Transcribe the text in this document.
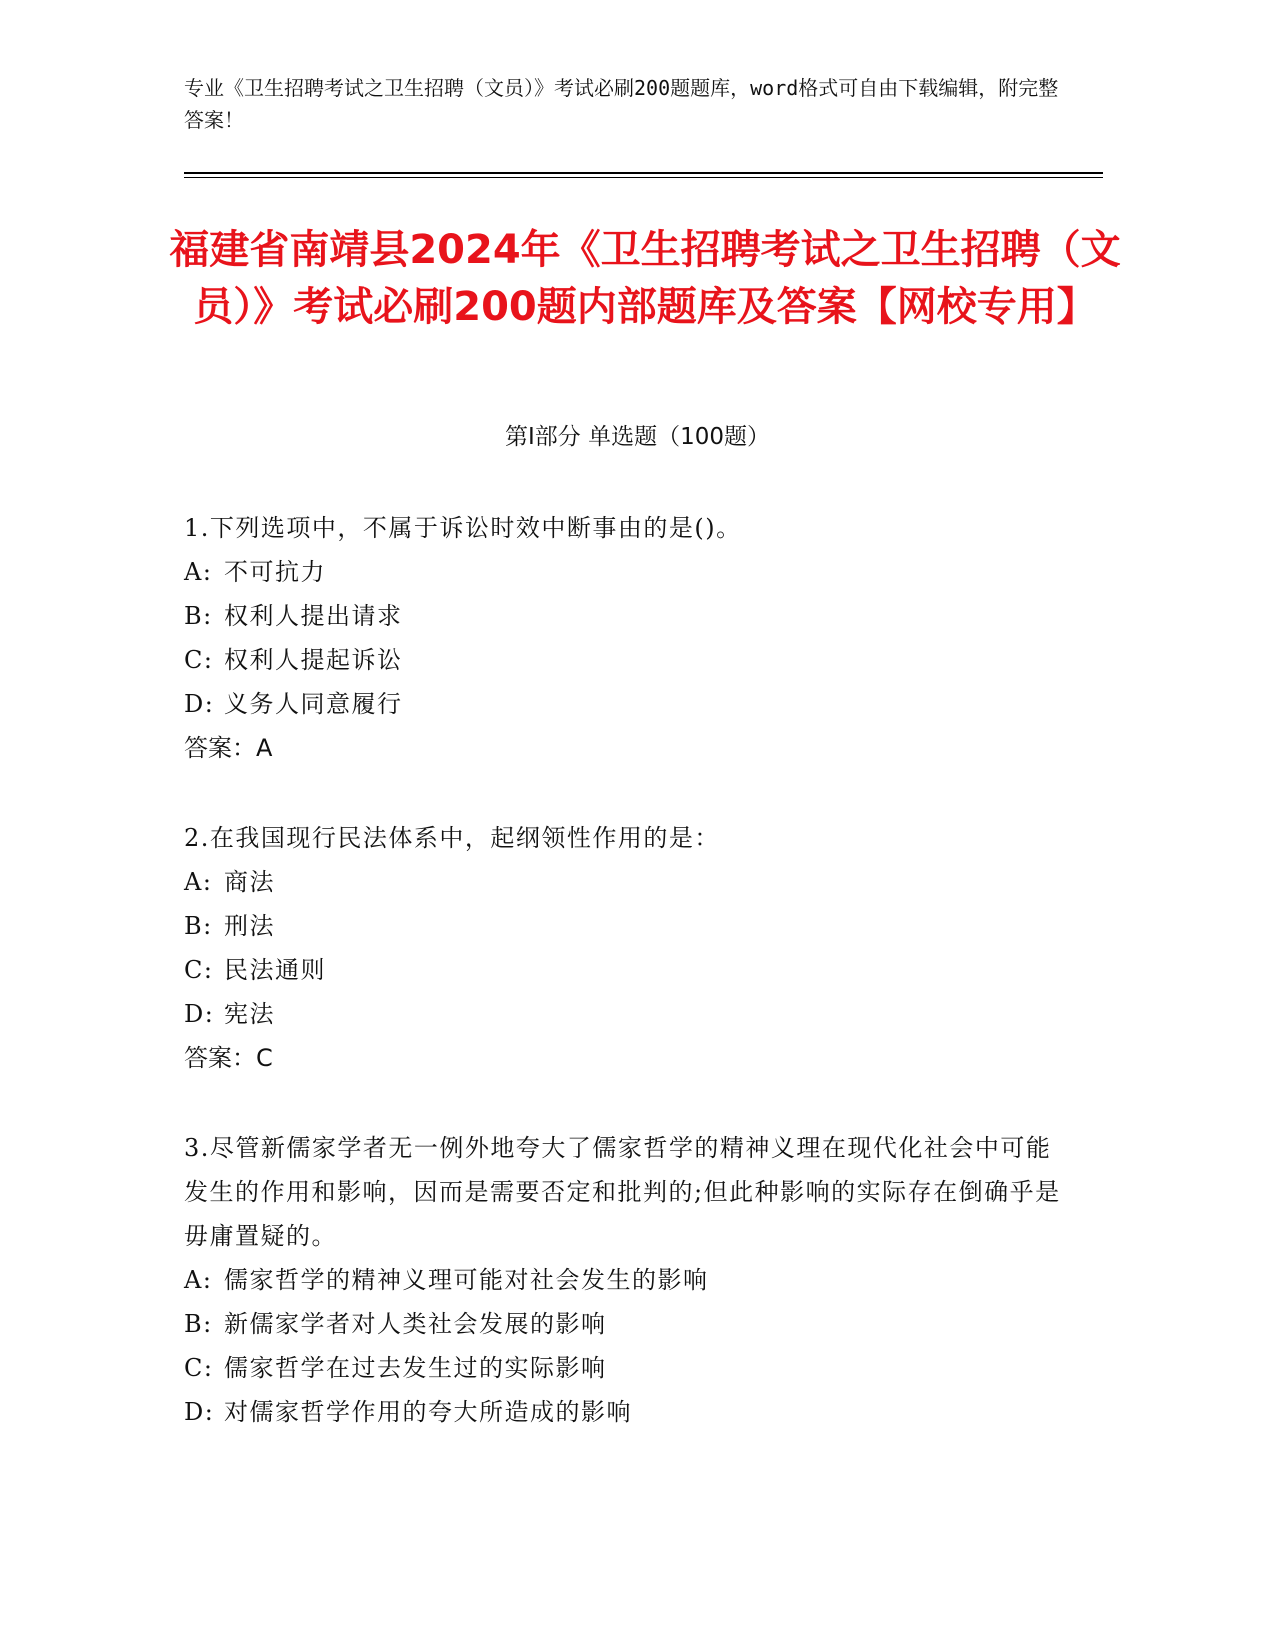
专业《卫生招聘考试之卫生招聘（文员）》考试必刷200题题库，word格式可自由下载编辑，附完整答案！
福建省南靖县2024年《卫生招聘考试之卫生招聘（文员）》考试必刷200题内部题库及答案【网校专用】
第Ⅰ部分 单选题（100题）

1.下列选项中，不属于诉讼时效中断事由的是()。

A: 不可抗力

B: 权利人提出请求

C: 权利人提起诉讼

D: 义务人同意履行

答案：A

2.在我国现行民法体系中，起纲领性作用的是：

A: 商法

B: 刑法

C: 民法通则

D: 宪法

答案：C

3.尽管新儒家学者无一例外地夸大了儒家哲学的精神义理在现代化社会中可能发生的作用和影响，因而是需要否定和批判的;但此种影响的实际存在倒确乎是毋庸置疑的。

A: 儒家哲学的精神义理可能对社会发生的影响

B: 新儒家学者对人类社会发展的影响

C: 儒家哲学在过去发生过的实际影响

D: 对儒家哲学作用的夸大所造成的影响
